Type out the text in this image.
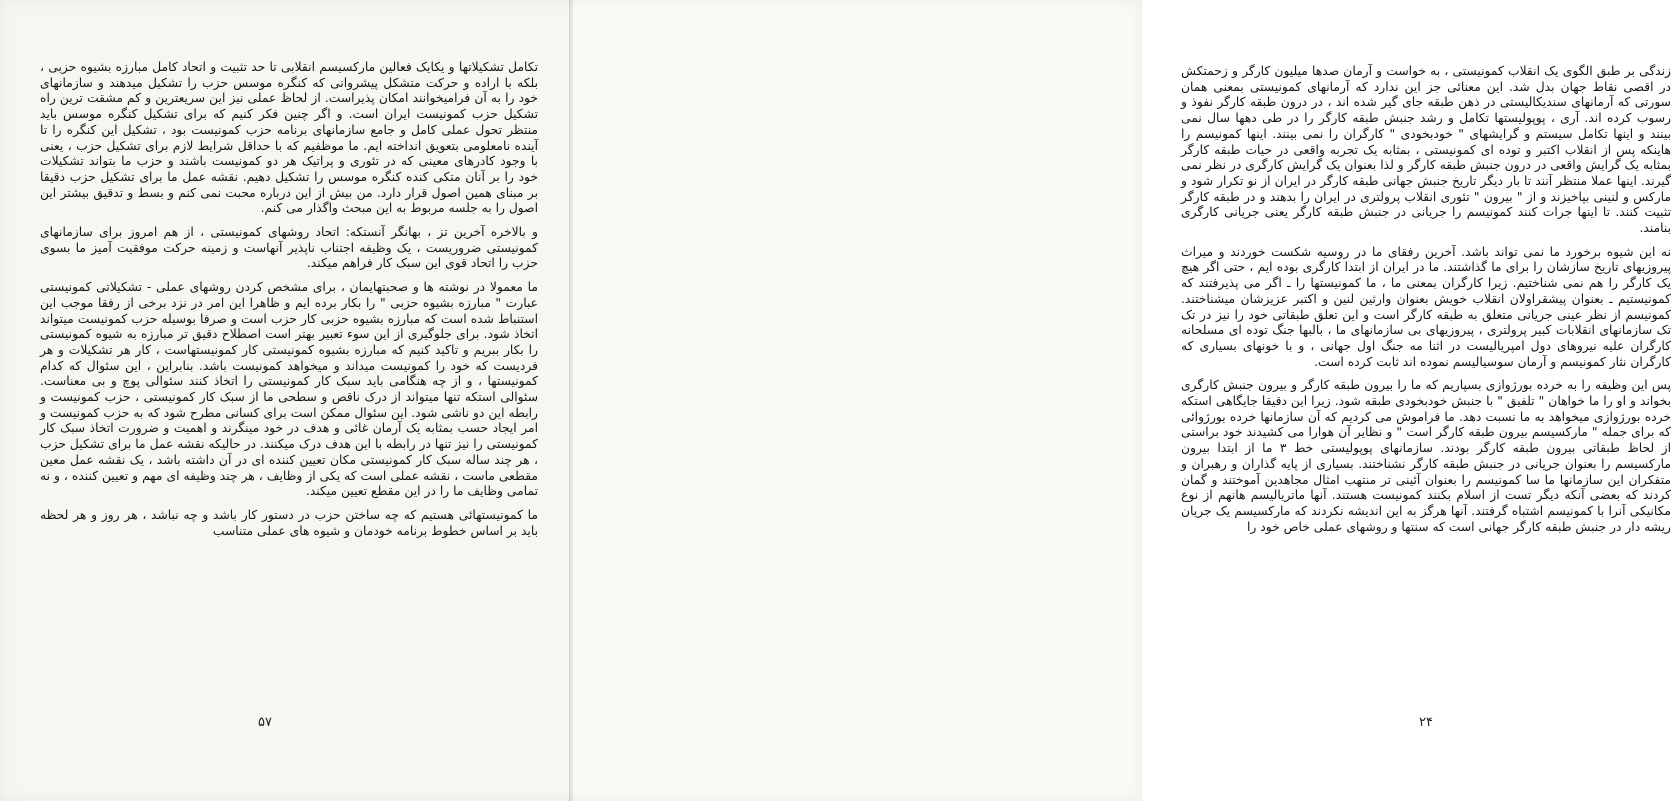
تکامل تشکیلاتها و یکایک فعالین مارکسیسم انقلابی تا حد تثبیت و اتحاد کامل مبارزه بشیوه حزبی ، بلکه با اراده و حرکت متشکل پیشروانی که کنگره موسس حزب را تشکیل میدهند و سازمانهای خود را به آن فرامیخوانند امکان پذیراست. از لحاظ عملی نیز این سریعترین و کم مشقت ترین راه تشکیل حزب کمونیست ایران است. و اگر چنین فکر کنیم که برای تشکیل کنگره موسس باید منتظر تحول عملی کامل و جامع سازمانهای برنامه حزب کمونیست بود ، تشکیل این کنگره را تا آینده نامعلومی بتعویق انداخته ایم. ما موظفیم که با حداقل شرایط لازم برای تشکیل حزب ، یعنی با وجود کادرهای معینی که در تئوری و پراتیک هر دو کمونیست باشند و حزب ما بتواند تشکیلات خود را بر آنان متکی کنده کنگره موسس را تشکیل دهیم. نقشه عمل ما برای تشکیل حزب دقیقا بر مبنای همین اصول قرار دارد. من بیش از این درباره محبت نمی کنم و بسط و تدقیق بیشتر این اصول را به جلسه مربوط به این مبحث واگذار می کنم.

و بالاخره آخرین تز ، بهانگر آنستکه: اتحاد روشهای کمونیستی ، از هم امروز برای سازمانهای کمونیستی ضروریست ، یک وظیفه اجتناب ناپذیر آنهاست و زمینه حرکت موفقیت آمیز ما بسوی حزب را اتحاد قوی این سبک کار فراهم میکند.

ما معمولا در نوشته ها و صحبتهایمان ، برای مشخص کردن روشهای عملی - تشکیلاتی کمونیستی عبارت " مبارزه بشیوه حزبی " را بکار برده ایم و ظاهرا این امر در نزد برخی از رفقا موجب این استنباط شده است که مبارزه بشیوه حزبی کار حزب است و صرفا بوسیله حزب کمونیست میتواند اتخاذ شود. برای جلوگیری از این سوء تعبیر بهتر است اصطلاح دقیق تر مبارزه به شیوه کمونیستی را بکار ببریم و تاکید کنیم که مبارزه بشیوه کمونیستی کار کمونیستهاست ، کار هر تشکیلات و هر فردیست که خود را کمونیست میداند و میخواهد کمونیست باشد. بنابراین ، این سئوال که کدام کمونیستها ، و از چه هنگامی باید سبک کار کمونیستی را اتخاذ کنند سئوالی پوچ و بی معناست. سئوالی استکه تنها میتواند از درک ناقص و سطحی ما از سبک کار کمونیستی ، حزب کمونیست و رابطه این دو ناشی شود. این سئوال ممکن است برای کسانی مطرح شود که به حزب کمونیست و امر ایجاد حسب بمثابه یک آرمان غائی و هدف در خود مینگرند و اهمیت و ضرورت اتخاذ سبک کار کمونیستی را نیز تنها در رابطه با این هدف درک میکنند. در حالیکه نقشه عمل ما برای تشکیل حزب ، هر چند ساله سبک کار کمونیستی مکان تعیین کننده ای در آن داشته باشد ، یک نقشه عمل معین مقطعی ماست ، نقشه عملی است که یکی از وظایف ، هر چند وظیفه ای مهم و تعیین کننده ، و نه تمامی وظایف ما را در این مقطع تعیین میکند.

ما کمونیستهائی هستیم که چه ساختن حزب در دستور کار باشد و چه نباشد ، هر روز و هر لحظه باید بر اساس خطوط برنامه خودمان و شیوه های عملی متناسب

۵۷

زندگی بر طبق الگوی یک انقلاب کمونیستی ، به خواست و آرمان صدها میلیون کارگر و زحمتکش در اقصی نقاط جهان بدل شد. این معنائی جز این ندارد که آرمانهای کمونیستی بمعنی همان سورتی که آرمانهای سندیکالیستی در ذهن طبقه جای گیر شده اند ، در درون طبقه کارگر نفوذ و رسوب کرده اند. آری ، پوپولیستها تکامل و رشد جنبش طبقه کارگر را در طی دهها سال نمی بینند و اینها تکامل سیستم و گرایشهای " خودبخودی " کارگران را نمی بینند. اینها کمونیسم را هاینکه پس از انقلاب اکتبر و توده ای کمونیستی ، بمثابه یک تجربه واقعی در حیات طبقه کارگر بمثابه یک گرایش واقعی در درون جنبش طبقه کارگر و لذا بعنوان یک گرایش کارگری در نظر نمی گیرند. اینها عملا منتظر آنند تا بار دیگر تاریخ جنبش جهانی طبقه کارگر در ایران از نو تکرار شود و مارکس و لنینی بپاخیزند و از " بیرون " تئوری انقلاب پرولتری در ایران را بدهند و در طبقه کارگر تثبیت کنند. تا اینها جرات کنند کمونیسم را جریانی در جنبش طبقه کارگر یعنی جریانی کارگری بنامند.

نه این شیوه برخورد ما نمی تواند باشد. آخرین رفقای ما در روسیه شکست خوردند و میراث پیروزیهای تاریخ سازشان را برای ما گذاشتند. ما در ایران از ابتدا کارگری بوده ایم ، حتی اگر هیچ یک کارگر را هم نمی شناختیم. زیرا کارگران بمعنی ما ، ما کمونیستها را ـ اگر می پذیرفتند که کمونیستیم ـ بعنوان پیشقراولان انقلاب خویش بعنوان وارثین لنین و اکتبر عزیزشان میشناختند. کمونیسم از نظر عینی جریانی متعلق به طبقه کارگر است و این تعلق طبقاتی خود را نیز در تک تک سازمانهای انقلابات کبیر پرولتری ، پیروزیهای بی سازمانهای ما ، بالبها جنگ توده ای مسلحانه کارگران علیه نیروهای دول امپریالیست در اثنا مه جنگ اول جهانی ، و با خونهای بسیاری که کارگران نثار کمونیسم و آرمان سوسیالیسم نموده اند ثابت کرده است.

پس این وظیفه را به خرده بورژوازی بسپاریم که ما را بیرون طبقه کارگر و بیرون جنبش کارگری بخواند و او را ما خواهان " تلفیق " با جنبش خودبخودی طبقه شود. زیرا این دقیقا جایگاهی استکه خرده بورژوازی میخواهد به ما نسبت دهد. ما فراموش می کردیم که آن سازمانها خرده بورژوائی که برای جمله " مارکسیسم بیرون طبقه کارگر است " و نظایر آن هوارا می کشیدند خود براستی از لحاظ طبقاتی بیرون طبقه کارگر بودند. سازمانهای پوپولیستی خط ۳ ما از ابتدا بیرون مارکسیسم را بعنوان جریانی در جنبش طبقه کارگر نشناختند. بسیاری از پایه گذاران و رهبران و متفکران این سازمانها ما سا کمونیسم را بعنوان آئینی تر منتهب امثال مجاهدین آموختند و گمان کردند که بعضی آنکه دیگر تست از اسلام بکنند کمونیست هستند. آنها ماتریالیسم هانهم از نوع مکانیکی آنرا با کمونیسم اشتباه گرفتند. آنها هرگز به این اندیشه نکردند که مارکسیسم یک جریان ریشه دار در جنبش طبقه کارگر جهانی است که سنتها و روشهای عملی خاص خود را

۲۴
